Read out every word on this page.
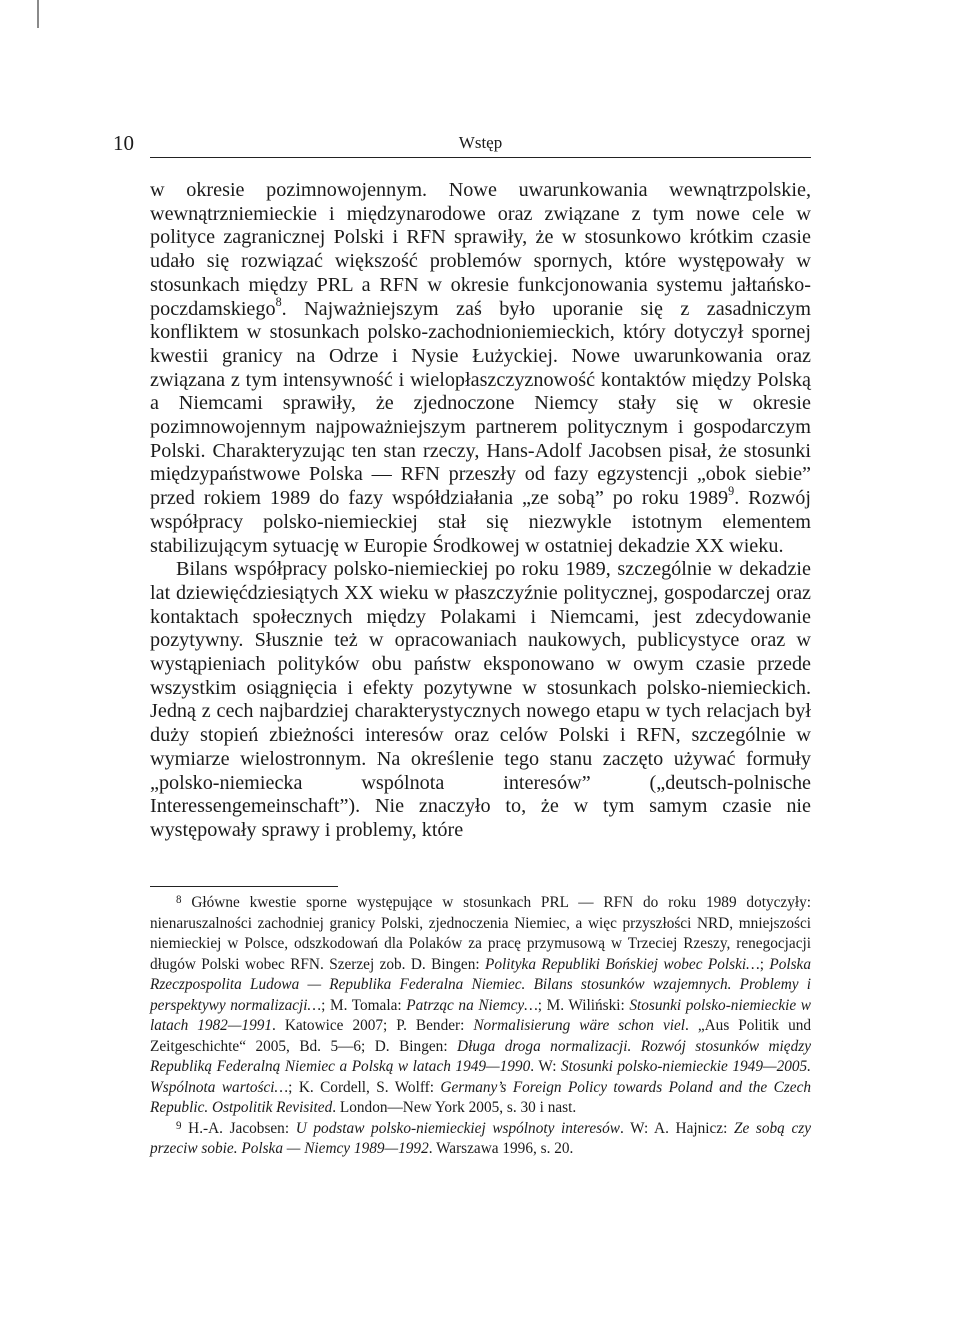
10	Wstęp

w okresie pozimnowojennym. Nowe uwarunkowania wewnątrzpolskie, wewnątrzniemieckie i międzynarodowe oraz związane z tym nowe cele w polityce zagranicznej Polski i RFN sprawiły, że w stosunkowo krótkim czasie udało się rozwiązać większość problemów spornych, które występowały w stosunkach między PRL a RFN w okresie funkcjonowania systemu jałtańsko-poczdamskiego$^8$. Najważniejszym zaś było uporanie się z zasadniczym konfliktem w stosunkach polsko-zachodnioniemieckich, który dotyczył spornej kwestii granicy na Odrze i Nysie Łużyckiej. Nowe uwarunkowania oraz związana z tym intensywność i wielopłaszczyznowość kontaktów między Polską a Niemcami sprawiły, że zjednoczone Niemcy stały się w okresie pozimnowojennym najpoważniejszym partnerem politycznym i gospodarczym Polski. Charakteryzując ten stan rzeczy, Hans-Adolf Jacobsen pisał, że stosunki międzypaństwowe Polska — RFN przeszły od fazy egzystencji „obok siebie” przed rokiem 1989 do fazy współdziałania „ze sobą” po roku 1989$^9$. Rozwój współpracy polsko-niemieckiej stał się niezwykle istotnym elementem stabilizującym sytuację w Europie Środkowej w ostatniej dekadzie XX wieku.

Bilans współpracy polsko-niemieckiej po roku 1989, szczególnie w dekadzie lat dziewięćdziesiątych XX wieku w płaszczyźnie politycznej, gospodarczej oraz kontaktach społecznych między Polakami i Niemcami, jest zdecydowanie pozytywny. Słusznie też w opracowaniach naukowych, publicystyce oraz w wystąpieniach polityków obu państw eksponowano w owym czasie przede wszystkim osiągnięcia i efekty pozytywne w stosunkach polsko-niemieckich. Jedną z cech najbardziej charakterystycznych nowego etapu w tych relacjach był duży stopień zbieżności interesów oraz celów Polski i RFN, szczególnie w wymiarze wielostronnym. Na określenie tego stanu zaczęto używać formuły „polsko-niemiecka wspólnota interesów” („deutsch-polnische Interessengemeinschaft”). Nie znaczyło to, że w tym samym czasie nie występowały sprawy i problemy, które

$^8$ Główne kwestie sporne występujące w stosunkach PRL — RFN do roku 1989 dotyczyły: nienaruszalności zachodniej granicy Polski, zjednoczenia Niemiec, a więc przyszłości NRD, mniejszości niemieckiej w Polsce, odszkodowań dla Polaków za pracę przymusową w Trzeciej Rzeszy, renegocjacji długów Polski wobec RFN. Szerzej zob. D. Bingen: Polityka Republiki Bońskiej wobec Polski…; Polska Rzeczpospolita Ludowa — Republika Federalna Niemiec. Bilans stosunków wzajemnych. Problemy i perspektywy normalizacji…; M. Tomala: Patrząc na Niemcy…; M. Wiliński: Stosunki polsko-niemieckie w latach 1982—1991. Katowice 2007; P. Bender: Normalisierung wäre schon viel. „Aus Politik und Zeitgeschichte“ 2005, Bd. 5—6; D. Bingen: Długa droga normalizacji. Rozwój stosunków między Republiką Federalną Niemiec a Polską w latach 1949—1990. W: Stosunki polsko-niemieckie 1949—2005. Wspólnota wartości…; K. Cordell, S. Wolff: Germany’s Foreign Policy towards Poland and the Czech Republic. Ostpolitik Revisited. London—New York 2005, s. 30 i nast.

$^9$ H.-A. Jacobsen: U podstaw polsko-niemieckiej wspólnoty interesów. W: A. Hajnicz: Ze sobą czy przeciw sobie. Polska — Niemcy 1989—1992. Warszawa 1996, s. 20.
